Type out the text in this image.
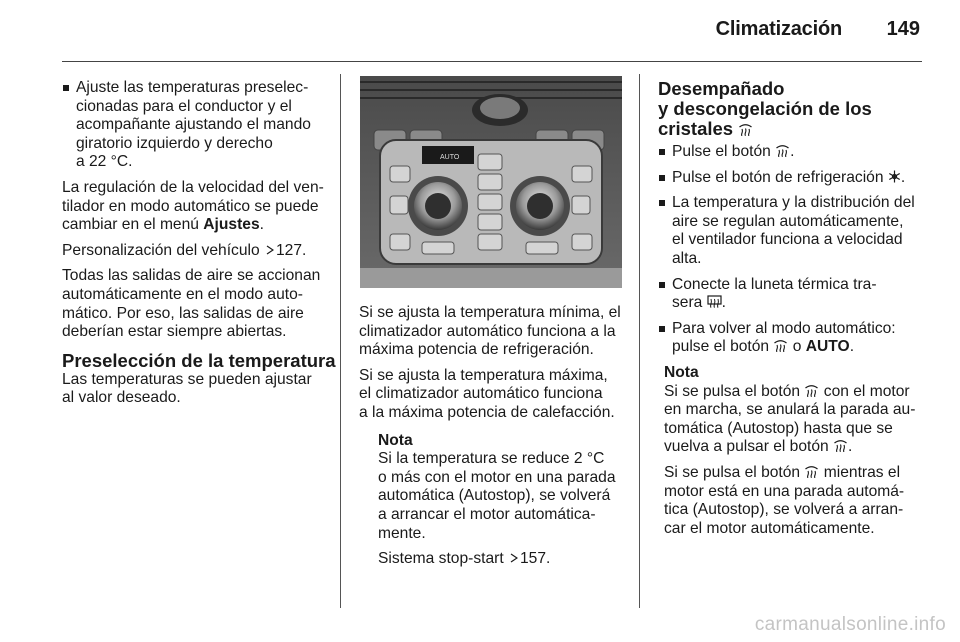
Climatización 149
Ajuste las temperaturas preselec-
cionadas para el conductor y el
acompañante ajustando el mando
giratorio izquierdo y derecho
a 22 °C.

La regulación de la velocidad del ven-
tilador en modo automático se puede
cambiar en el menú Ajustes.

Personalización del vehículo 127.

Todas las salidas de aire se accionan
automáticamente en el modo auto-
mático. Por eso, las salidas de aire
deberían estar siempre abiertas.

Preselección de la temperatura

Las temperaturas se pueden ajustar
al valor deseado.

AUTO

Si se ajusta la temperatura mínima, el
climatizador automático funciona a la
máxima potencia de refrigeración.

Si se ajusta la temperatura máxima,
el climatizador automático funciona
a la máxima potencia de calefacción.

Nota

Si la temperatura se reduce 2 °C
o más con el motor en una parada
automática (Autostop), se volverá
a arrancar el motor automática-
mente.

Sistema stop-start 157.

Desempañado
y descongelación de los
cristales
Pulse el botón .
Pulse el botón de refrigeración .
La temperatura y la distribución del
aire se regulan automáticamente,
el ventilador funciona a velocidad
alta.
Conecte la luneta térmica tra-
sera .
Para volver al modo automático:
pulse el botón  o AUTO.
Nota

Si se pulsa el botón  con el motor
en marcha, se anulará la parada au-
tomática (Autostop) hasta que se
vuelva a pulsar el botón .

Si se pulsa el botón  mientras el
motor está en una parada automá-
tica (Autostop), se volverá a arran-
car el motor automáticamente.

carmanualsonline.info
